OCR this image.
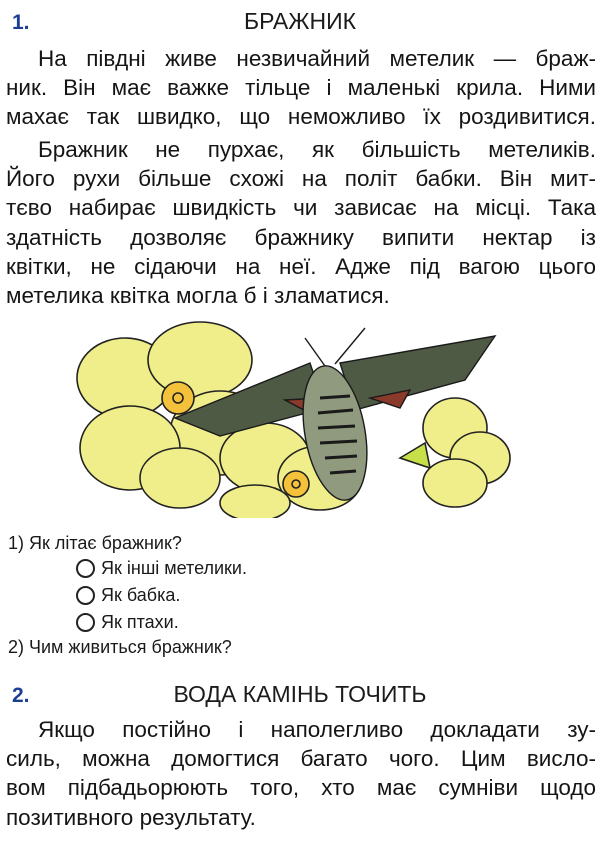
1.	БРАЖНИК
На півдні живе незвичайний метелик — браж-
ник. Він має важке тільце і маленькі крила. Ними
махає так швидко, що неможливо їх роздивитися.
Бражник не пурхає, як більшість метеликів.
Його рухи більше схожі на політ бабки. Він мит-
тєво набирає швидкість чи зависає на місці. Така
здатність дозволяє бражнику випити нектар із
квітки, не сідаючи на неї. Адже під вагою цього
метелика квітка могла б і зламатися.
1) Як літає бражник?
Як інші метелики.
Як бабка.
Як птахи.
2) Чим живиться бражник?
2.	ВОДА КАМІНЬ ТОЧИТЬ
Якщо постійно і наполегливо докладати зу-
силь, можна домогтися багато чого. Цим висло-
вом підбадьорюють того, хто має сумніви щодо
позитивного результату.
